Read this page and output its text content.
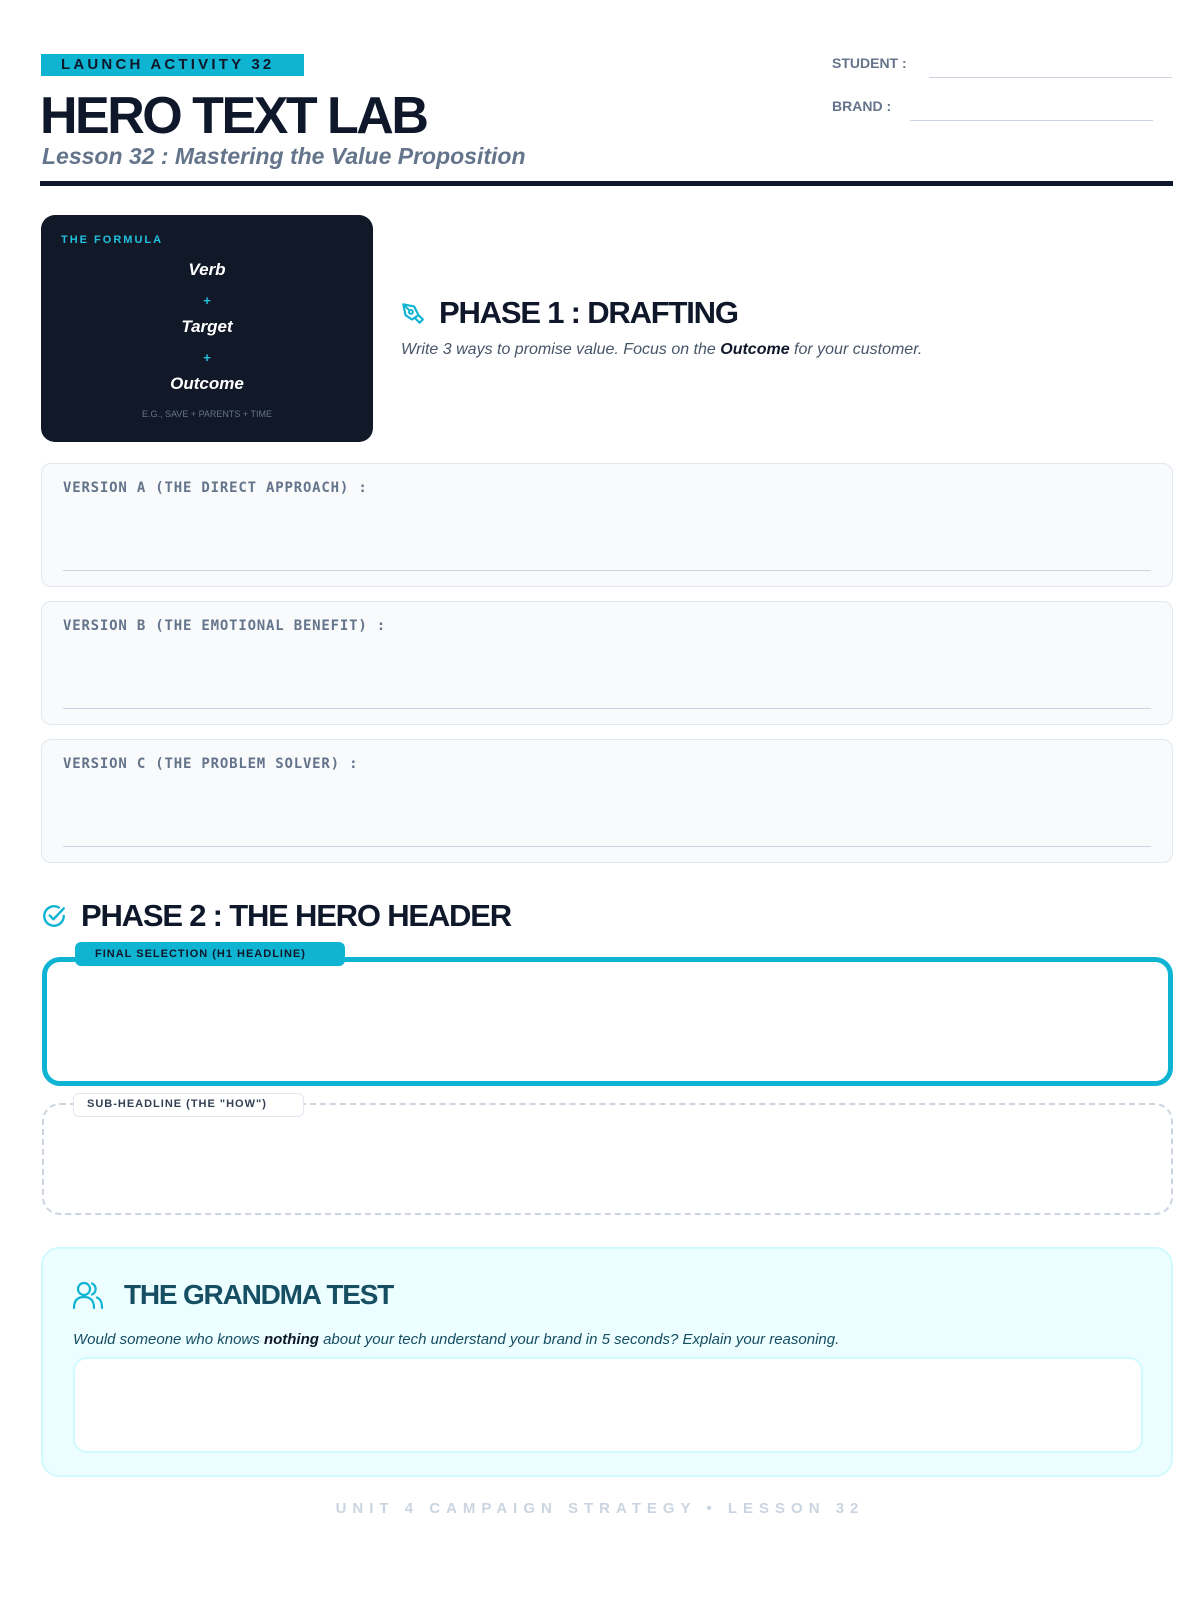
LAUNCH ACTIVITY 32
HERO TEXT LAB
Lesson 32 : Mastering the Value Proposition
STUDENT :
BRAND :
THE FORMULA
Verb
+
Target
+
Outcome
E.G., SAVE + PARENTS + TIME
PHASE 1 : DRAFTING
Write 3 ways to promise value. Focus on the Outcome for your customer.
VERSION A (THE DIRECT APPROACH) :
VERSION B (THE EMOTIONAL BENEFIT) :
VERSION C (THE PROBLEM SOLVER) :
PHASE 2 : THE HERO HEADER
FINAL SELECTION (H1 HEADLINE)
SUB-HEADLINE (THE "HOW")
THE GRANDMA TEST
Would someone who knows nothing about your tech understand your brand in 5 seconds? Explain your reasoning.
UNIT 4 CAMPAIGN STRATEGY • LESSON 32
